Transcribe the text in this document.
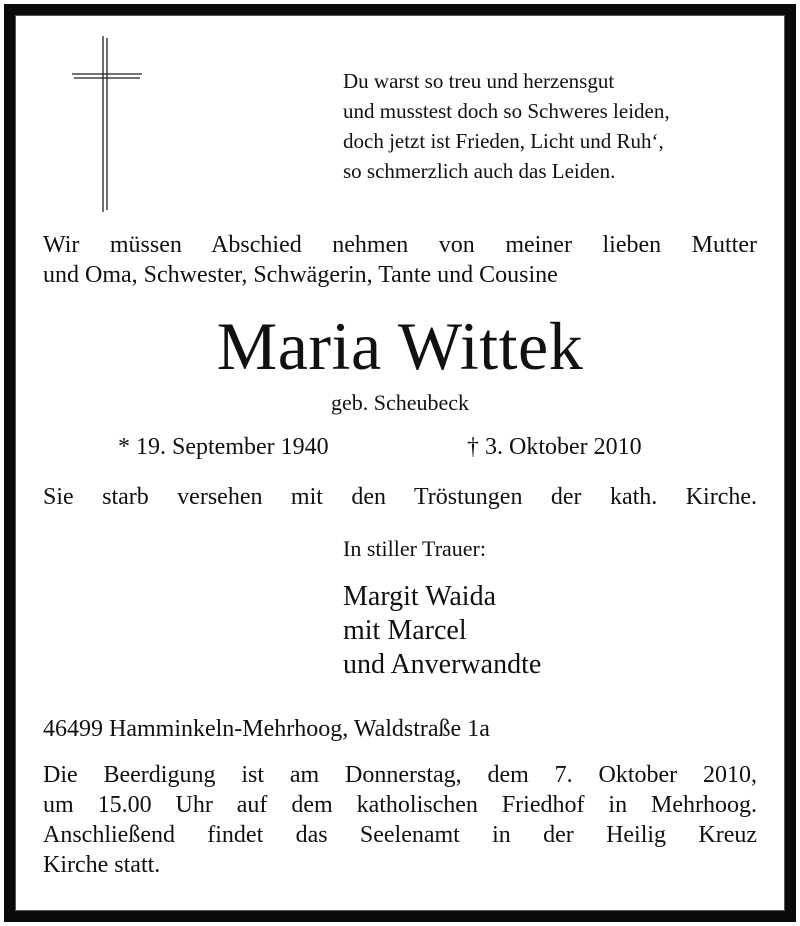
Du warst so treu und herzensgut
und musstest doch so Schweres leiden,
doch jetzt ist Frieden, Licht und Ruh‘,
so schmerzlich auch das Leiden.
Wir müssen Abschied nehmen von meiner lieben Mutter
und Oma, Schwester, Schwägerin, Tante und Cousine
Maria Wittek
geb. Scheubeck
* 19. September 1940	† 3. Oktober 2010
Sie starb versehen mit den Tröstungen der kath. Kirche.
In stiller Trauer:
Margit Waida
mit Marcel
und Anverwandte
46499 Hamminkeln-Mehrhoog, Waldstraße 1a
Die Beerdigung ist am Donnerstag, dem 7. Oktober 2010,
um 15.00 Uhr auf dem katholischen Friedhof in Mehrhoog.
Anschließend findet das Seelenamt in der Heilig Kreuz
Kirche statt.
